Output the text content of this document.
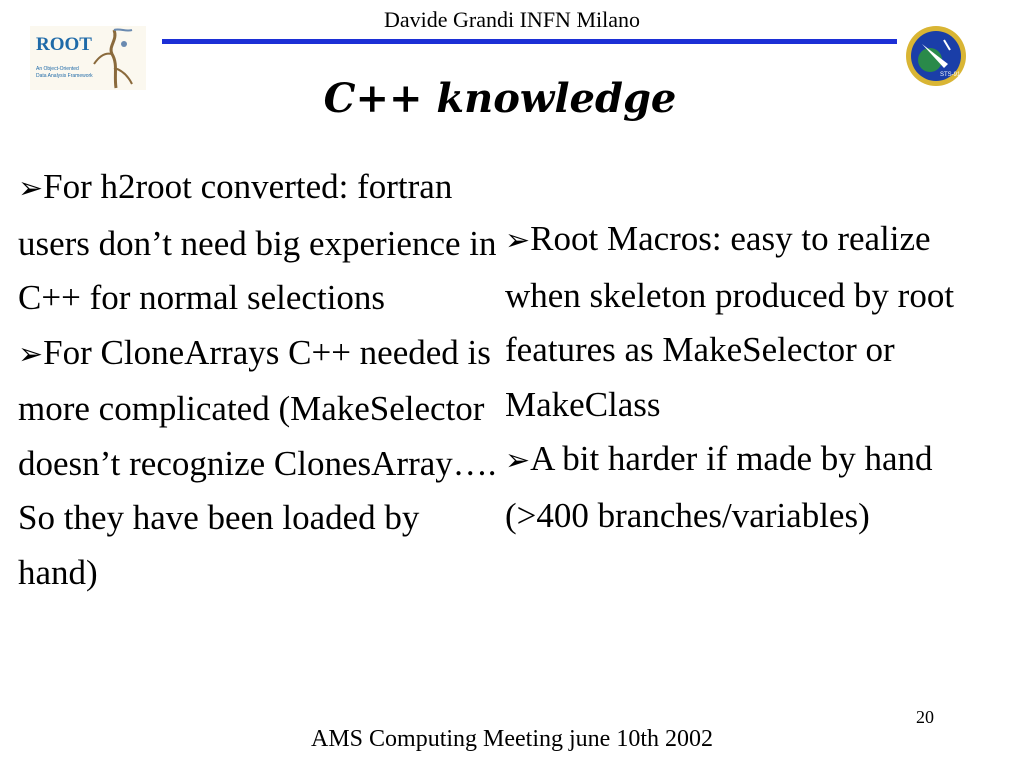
Davide Grandi INFN Milano
ROOT
An Object-Oriented
Data Analysis Framework	STS-91
C++ knowledge

➢For h2root converted: fortran users don’t need big experience in C++ for normal selections

➢For CloneArrays C++ needed is more complicated (MakeSelector doesn’t recognize ClonesArray…. So they have been loaded by hand)

➢Root Macros: easy to realize when skeleton produced by root features as MakeSelector or MakeClass

➢A bit harder if made by hand (>400 branches/variables)

20
AMS Computing Meeting june 10th 2002
